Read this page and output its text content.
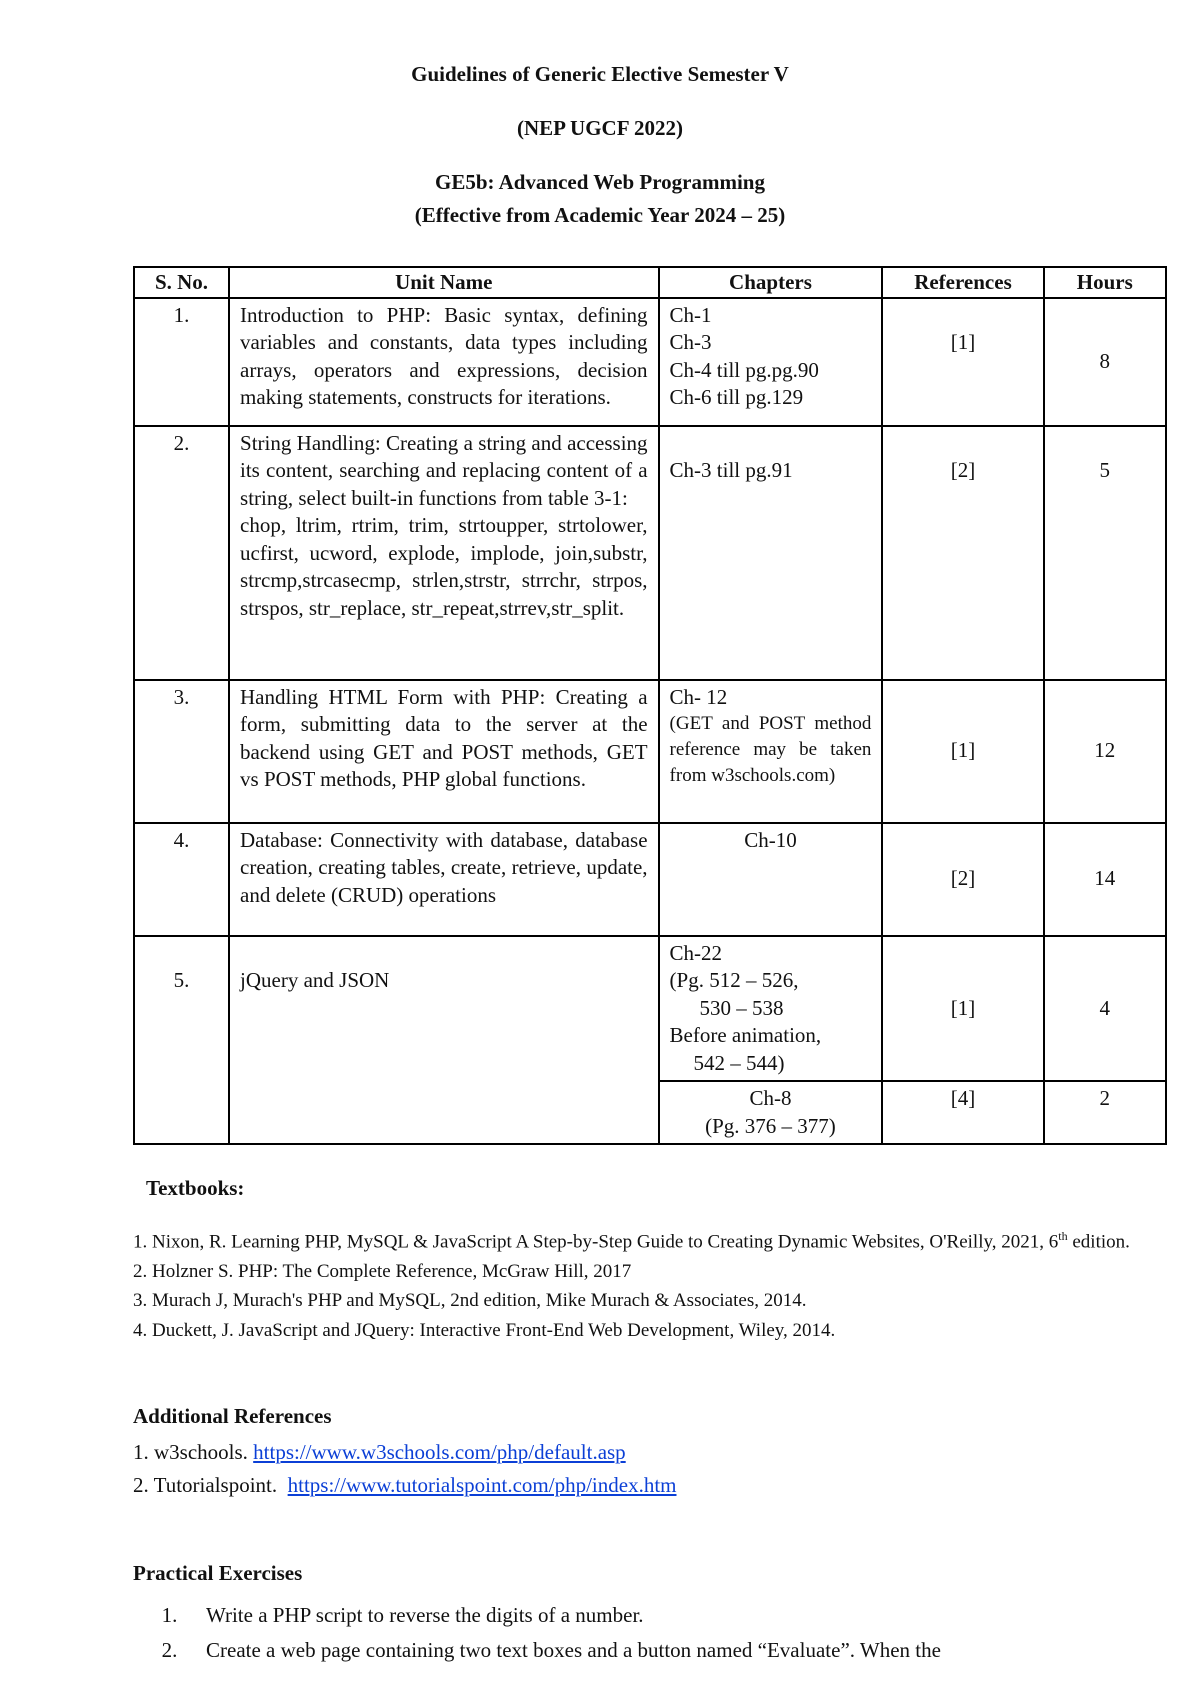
Guidelines of Generic Elective Semester V
(NEP UGCF 2022)
GE5b: Advanced Web Programming
(Effective from Academic Year 2024 – 25)
S. No.	Unit Name	Chapters	References	Hours
1.	Introduction to PHP: Basic syntax, defining variables and constants, data types including arrays, operators and expressions, decision making statements, constructs for iterations.	Ch-1
Ch-3
Ch-4 till pg.pg.90
Ch-6 till pg.129	[1]	8
2.	String Handling: Creating a string and accessing its content, searching and replacing content of a string, select built-in functions from table 3-1:
chop, ltrim, rtrim, trim, strtoupper, strtolower, ucfirst, ucword, explode, implode, join,substr, strcmp,strcasecmp, strlen,strstr, strrchr, strpos, strspos, str_replace, str_repeat,strrev,str_split.	Ch-3 till pg.91	[2]	5
3.	Handling HTML Form with PHP: Creating a form, submitting data to the server at the backend using GET and POST methods, GET vs POST methods, PHP global functions.	Ch- 12
(GET and POST method reference may be taken from w3schools.com)	[1]	12
4.	Database: Connectivity with database, database creation, creating tables, create, retrieve, update, and delete (CRUD) operations	Ch-10	[2]	14
5.	jQuery and JSON	Ch-22
(Pg. 512 – 526,
530 – 538
Before animation,
542 – 544)	[1]	4

		Ch-8
(Pg. 376 – 377)	[4]	2
Textbooks:
1. Nixon, R. Learning PHP, MySQL & JavaScript A Step-by-Step Guide to Creating Dynamic Websites, O'Reilly, 2021, 6th edition.
2. Holzner S. PHP: The Complete Reference, McGraw Hill, 2017
3. Murach J, Murach's PHP and MySQL, 2nd edition, Mike Murach & Associates, 2014.
4. Duckett, J. JavaScript and JQuery: Interactive Front-End Web Development, Wiley, 2014.
Additional References
1. w3schools. https://www.w3schools.com/php/default.asp
2. Tutorialspoint.  https://www.tutorialspoint.com/php/index.htm
Practical Exercises
1. Write a PHP script to reverse the digits of a number.
2. Create a web page containing two text boxes and a button named “Evaluate”. When the
